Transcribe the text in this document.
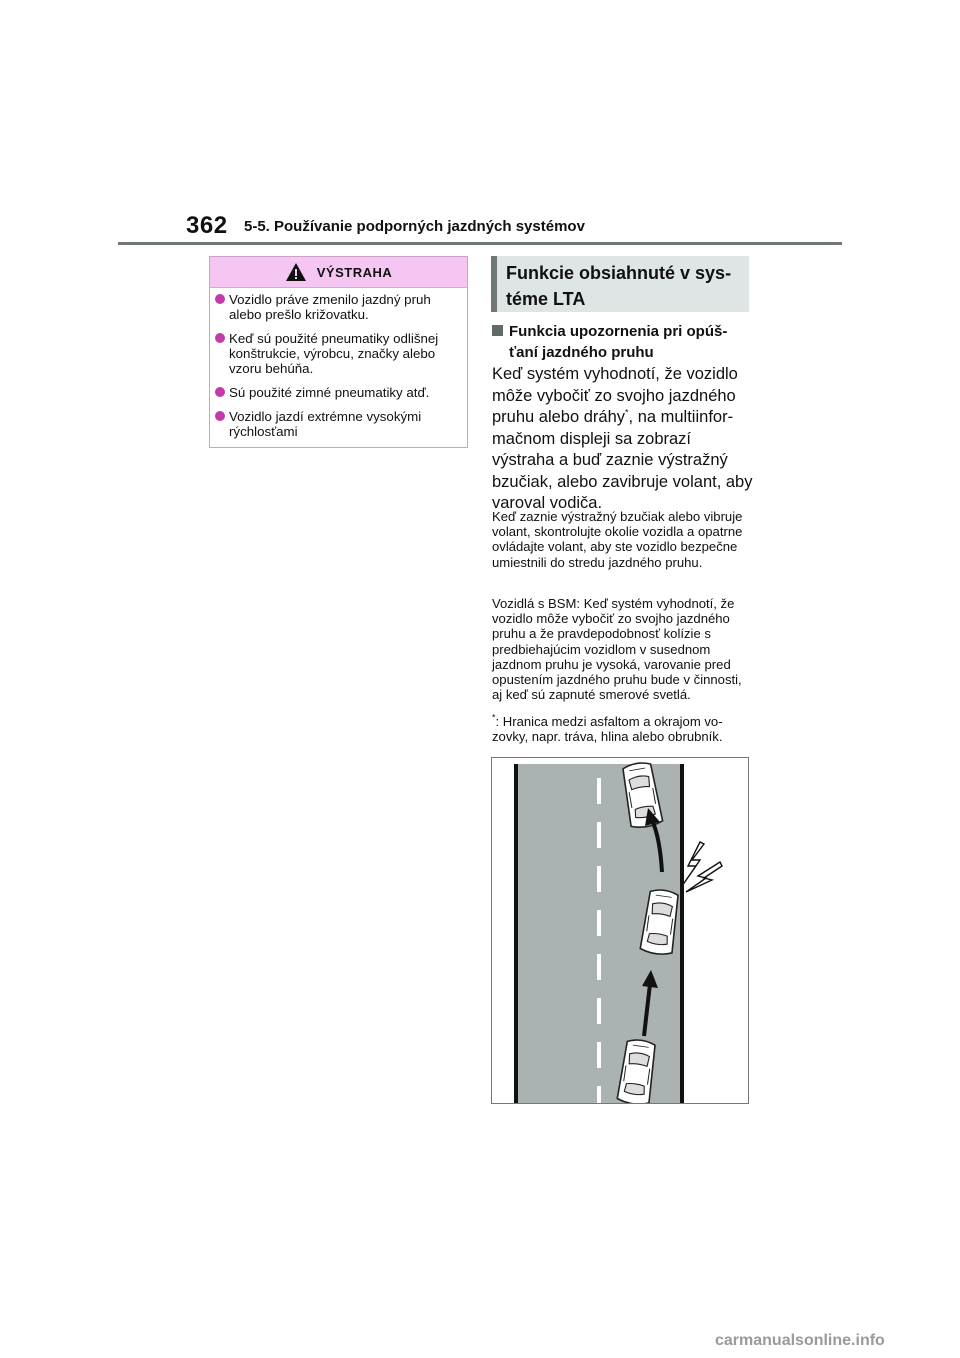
362 5-5. Používanie podporných jazdných systémov
VÝSTRAHA
Vozidlo práve zmenilo jazdný pruh alebo prešlo križovatku.
Keď sú použité pneumatiky odlišnej konštrukcie, výrobcu, značky alebo vzoru behúňa.
Sú použité zimné pneumatiky atď.
Vozidlo jazdí extrémne vysokými rýchlosťami
Funkcie obsiahnuté v sys-
téme LTA
Funkcia upozornenia pri opúš-
ťaní jazdného pruhu
Keď systém vyhodnotí, že vozidlo môže vybočiť zo svojho jazdného pruhu alebo dráhy*, na multiinformačnom displeji sa zobrazí výstraha a buď zaznie výstražný bzučiak, alebo zavibruje volant, aby varoval vodiča.
Keď zaznie výstražný bzučiak alebo vibruje volant, skontrolujte okolie vozidla a opatrne ovládajte volant, aby ste vozidlo bezpečne umiestnili do stredu jazdného pruhu.
Vozidlá s BSM: Keď systém vyhodnotí, že vozidlo môže vybočiť zo svojho jazdného pruhu a že pravdepodobnosť kolízie s predbiehajúcim vozidlom v susednom jazdnom pruhu je vysoká, varovanie pred opustením jazdného pruhu bude v činnosti, aj keď sú zapnuté smerové svetlá.
*: Hranica medzi asfaltom a okrajom vozovky, napr. tráva, hlina alebo obrubník.
carmanualsonline.info
